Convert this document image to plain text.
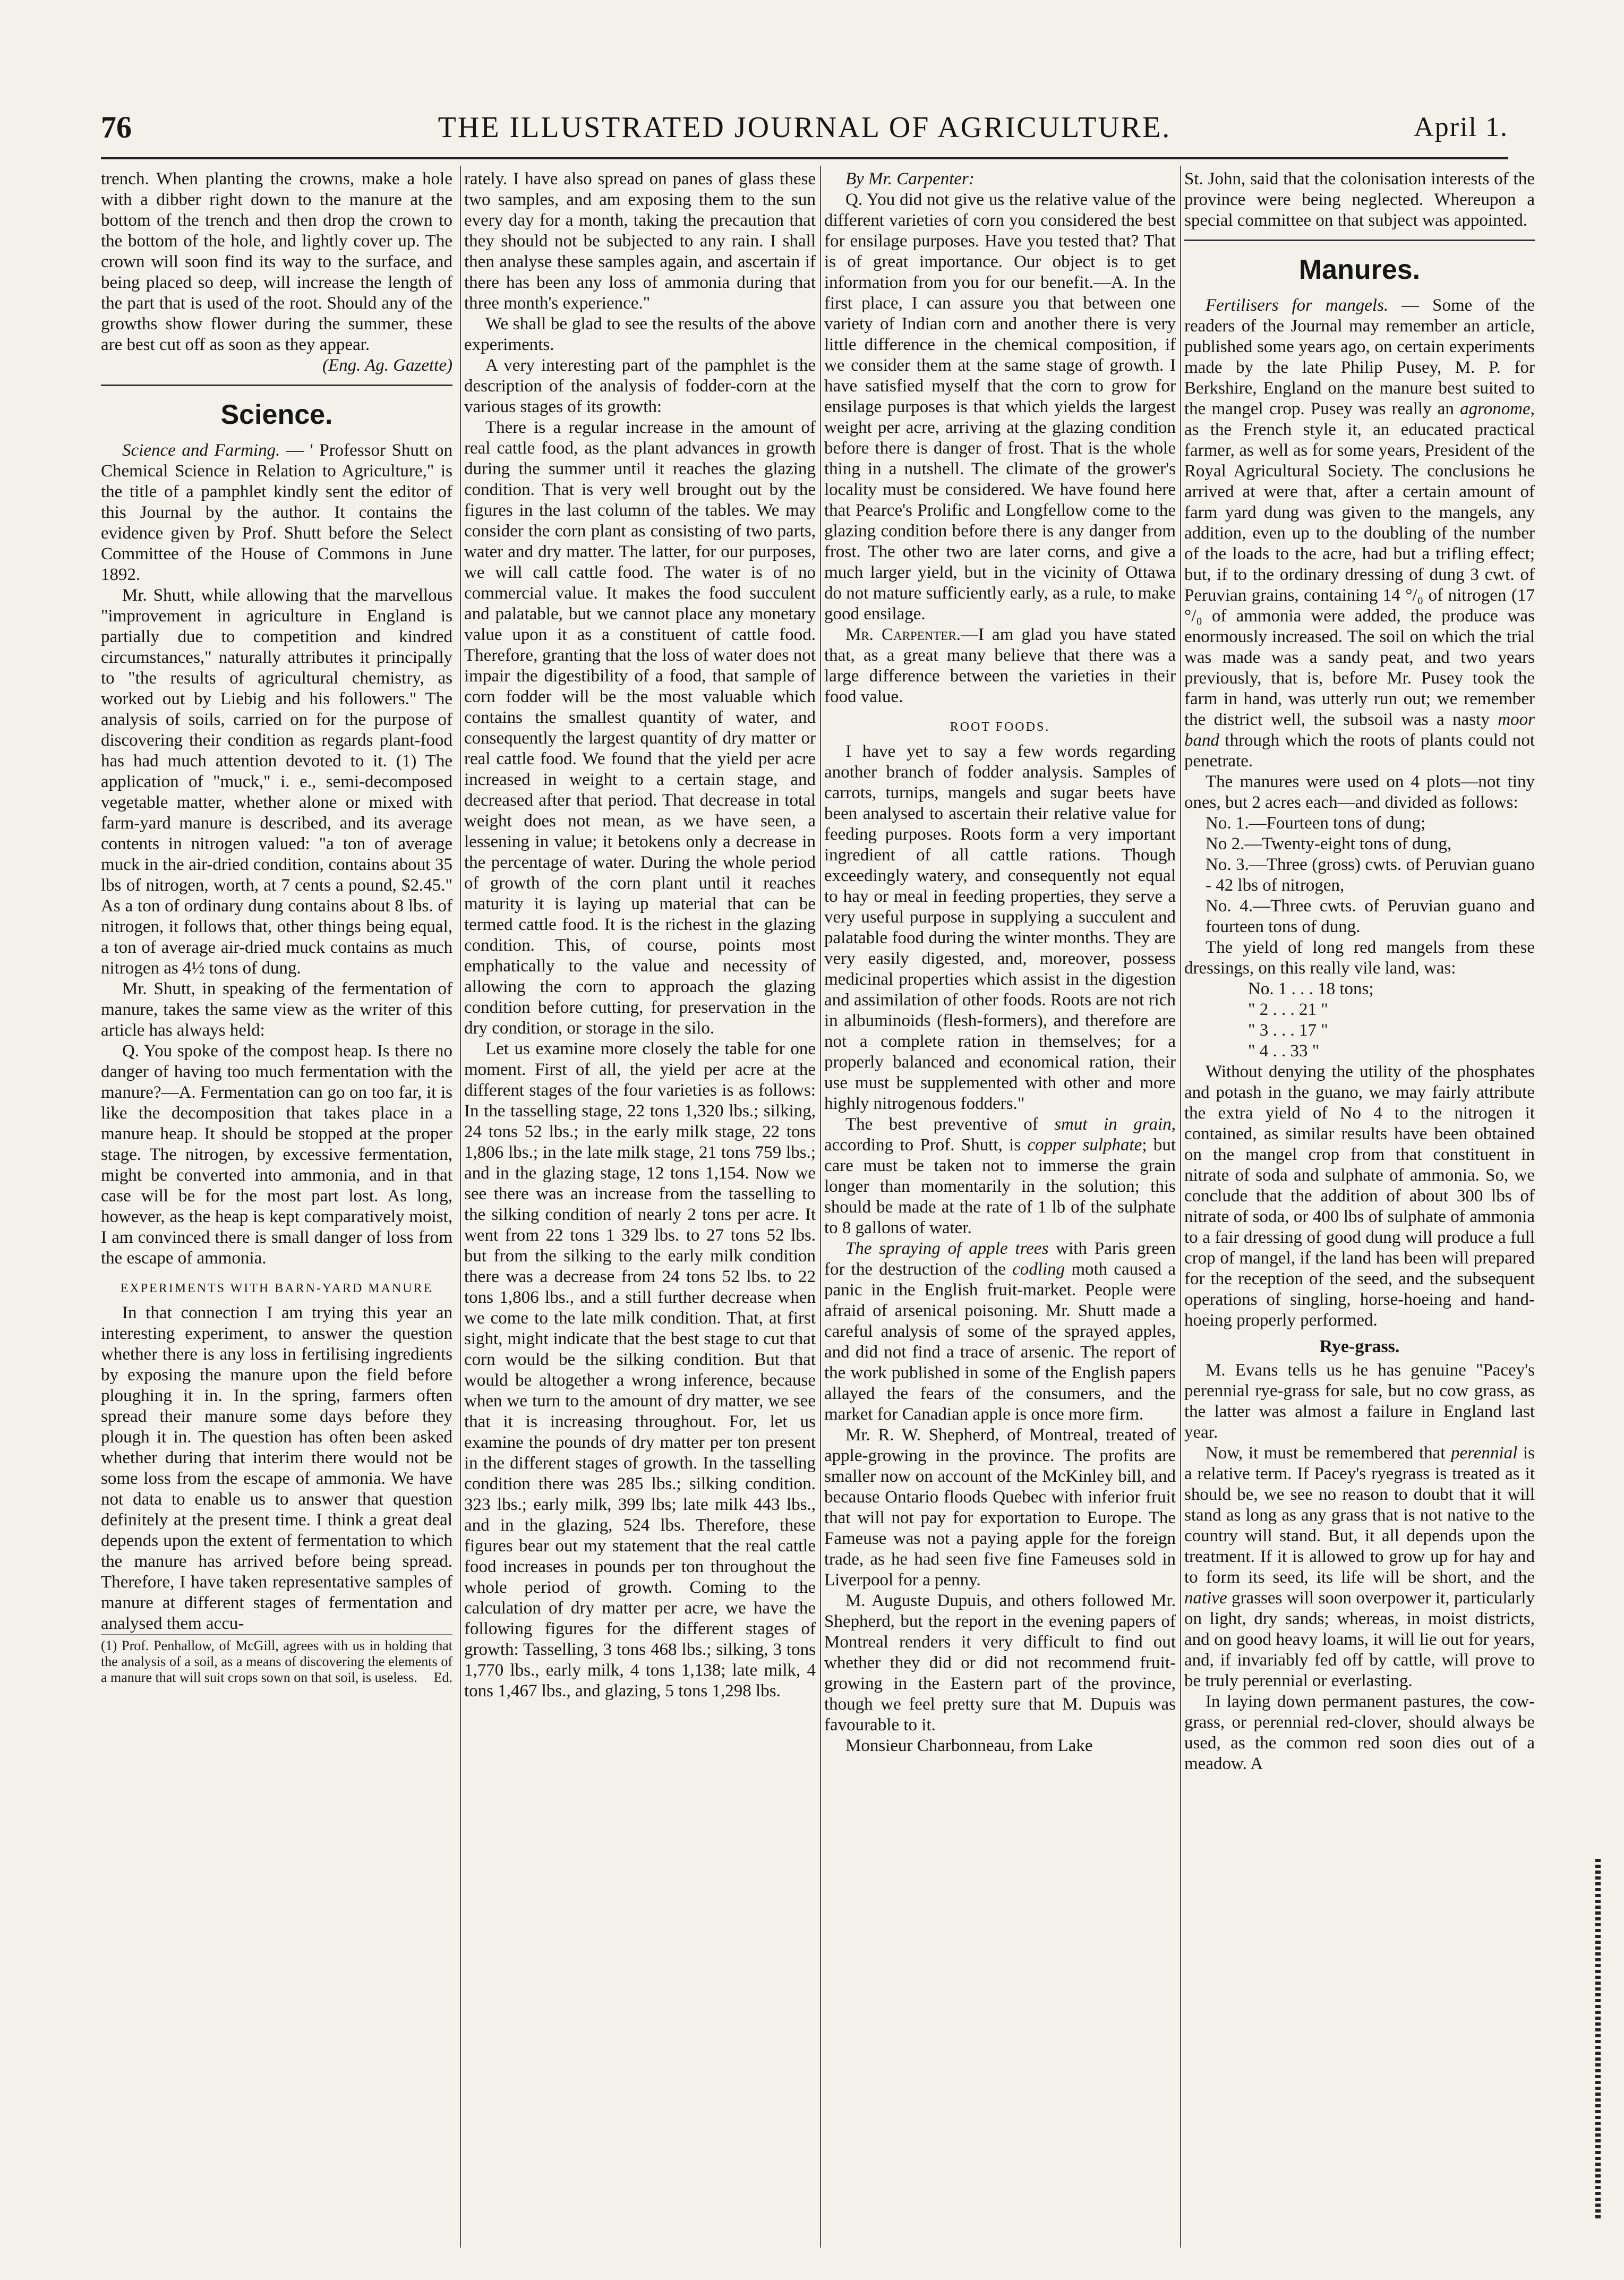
76	THE ILLUSTRATED JOURNAL OF AGRICULTURE.	April 1.

trench. When planting the crowns, make a hole with a dibber right down to the manure at the bottom of the trench and then drop the crown to the bottom of the hole, and lightly cover up. The crown will soon find its way to the surface, and being placed so deep, will increase the length of the part that is used of the root. Should any of the growths show flower during the summer, these are best cut off as soon as they appear.

(Eng. Ag. Gazette)

Science.

Science and Farming. — ' Professor Shutt on Chemical Science in Relation to Agriculture," is the title of a pamphlet kindly sent the editor of this Journal by the author. It contains the evidence given by Prof. Shutt before the Select Committee of the House of Commons in June 1892.

Mr. Shutt, while allowing that the marvellous "improvement in agriculture in England is partially due to competition and kindred circumstances," naturally attributes it principally to "the results of agricultural chemistry, as worked out by Liebig and his followers." The analysis of soils, carried on for the purpose of discovering their condition as regards plant-food has had much attention devoted to it. (1) The application of "muck," i. e., semi-decomposed vegetable matter, whether alone or mixed with farm-yard manure is described, and its average contents in nitrogen valued: "a ton of average muck in the air-dried condition, contains about 35 lbs of nitrogen, worth, at 7 cents a pound, $2.45." As a ton of ordinary dung contains about 8 lbs. of nitrogen, it follows that, other things being equal, a ton of average air-dried muck contains as much nitrogen as 4½ tons of dung.

Mr. Shutt, in speaking of the fermentation of manure, takes the same view as the writer of this article has always held:

Q. You spoke of the compost heap. Is there no danger of having too much fermentation with the manure?—A. Fermentation can go on too far, it is like the decomposition that takes place in a manure heap. It should be stopped at the proper stage. The nitrogen, by excessive fermentation, might be converted into ammonia, and in that case will be for the most part lost. As long, however, as the heap is kept comparatively moist, I am convinced there is small danger of loss from the escape of ammonia.

EXPERIMENTS WITH BARN-YARD MANURE

In that connection I am trying this year an interesting experiment, to answer the question whether there is any loss in fertilising ingredients by exposing the manure upon the field before ploughing it in. In the spring, farmers often spread their manure some days before they plough it in. The question has often been asked whether during that interim there would not be some loss from the escape of ammonia. We have not data to enable us to answer that question definitely at the present time. I think a great deal depends upon the extent of fermentation to which the manure has arrived before being spread. Therefore, I have taken representative samples of manure at different stages of fermentation and analysed them accu-

(1) Prof. Penhallow, of McGill, agrees with us in holding that the analysis of a soil, as a means of discovering the elements of a manure that will suit crops sown on that soil, is useless. Ed.

rately. I have also spread on panes of glass these two samples, and am exposing them to the sun every day for a month, taking the precaution that they should not be subjected to any rain. I shall then analyse these samples again, and ascertain if there has been any loss of ammonia during that three month's experience."

We shall be glad to see the results of the above experiments.

A very interesting part of the pamphlet is the description of the analysis of fodder-corn at the various stages of its growth:

There is a regular increase in the amount of real cattle food, as the plant advances in growth during the summer until it reaches the glazing condition. That is very well brought out by the figures in the last column of the tables. We may consider the corn plant as consisting of two parts, water and dry matter. The latter, for our purposes, we will call cattle food. The water is of no commercial value. It makes the food succulent and palatable, but we cannot place any monetary value upon it as a constituent of cattle food. Therefore, granting that the loss of water does not impair the digestibility of a food, that sample of corn fodder will be the most valuable which contains the smallest quantity of water, and consequently the largest quantity of dry matter or real cattle food. We found that the yield per acre increased in weight to a certain stage, and decreased after that period. That decrease in total weight does not mean, as we have seen, a lessening in value; it betokens only a decrease in the percentage of water. During the whole period of growth of the corn plant until it reaches maturity it is laying up material that can be termed cattle food. It is the richest in the glazing condition. This, of course, points most emphatically to the value and necessity of allowing the corn to approach the glazing condition before cutting, for preservation in the dry condition, or storage in the silo.

Let us examine more closely the table for one moment. First of all, the yield per acre at the different stages of the four varieties is as follows: In the tasselling stage, 22 tons 1,320 lbs.; silking, 24 tons 52 lbs.; in the early milk stage, 22 tons 1,806 lbs.; in the late milk stage, 21 tons 759 lbs.; and in the glazing stage, 12 tons 1,154. Now we see there was an increase from the tasselling to the silking condition of nearly 2 tons per acre. It went from 22 tons 1 329 lbs. to 27 tons 52 lbs. but from the silking to the early milk condition there was a decrease from 24 tons 52 lbs. to 22 tons 1,806 lbs., and a still further decrease when we come to the late milk condition. That, at first sight, might indicate that the best stage to cut that corn would be the silking condition. But that would be altogether a wrong inference, because when we turn to the amount of dry matter, we see that it is increasing throughout. For, let us examine the pounds of dry matter per ton present in the different stages of growth. In the tasselling condition there was 285 lbs.; silking condition. 323 lbs.; early milk, 399 lbs; late milk 443 lbs., and in the glazing, 524 lbs. Therefore, these figures bear out my statement that the real cattle food increases in pounds per ton throughout the whole period of growth. Coming to the calculation of dry matter per acre, we have the following figures for the different stages of growth: Tasselling, 3 tons 468 lbs.; silking, 3 tons 1,770 lbs., early milk, 4 tons 1,138; late milk, 4 tons 1,467 lbs., and glazing, 5 tons 1,298 lbs.

By Mr. Carpenter:

Q. You did not give us the relative value of the different varieties of corn you considered the best for ensilage purposes. Have you tested that? That is of great importance. Our object is to get information from you for our benefit.—A. In the first place, I can assure you that between one variety of Indian corn and another there is very little difference in the chemical composition, if we consider them at the same stage of growth. I have satisfied myself that the corn to grow for ensilage purposes is that which yields the largest weight per acre, arriving at the glazing condition before there is danger of frost. That is the whole thing in a nutshell. The climate of the grower's locality must be considered. We have found here that Pearce's Prolific and Longfellow come to the glazing condition before there is any danger from frost. The other two are later corns, and give a much larger yield, but in the vicinity of Ottawa do not mature sufficiently early, as a rule, to make good ensilage.

Mr. Carpenter.—I am glad you have stated that, as a great many believe that there was a large difference between the varieties in their food value.

ROOT FOODS.

I have yet to say a few words regarding another branch of fodder analysis. Samples of carrots, turnips, mangels and sugar beets have been analysed to ascertain their relative value for feeding purposes. Roots form a very important ingredient of all cattle rations. Though exceedingly watery, and consequently not equal to hay or meal in feeding properties, they serve a very useful purpose in supplying a succulent and palatable food during the winter months. They are very easily digested, and, moreover, possess medicinal properties which assist in the digestion and assimilation of other foods. Roots are not rich in albuminoids (flesh-formers), and therefore are not a complete ration in themselves; for a properly balanced and economical ration, their use must be supplemented with other and more highly nitrogenous fodders."

The best preventive of smut in grain, according to Prof. Shutt, is copper sulphate; but care must be taken not to immerse the grain longer than momentarily in the solution; this should be made at the rate of 1 lb of the sulphate to 8 gallons of water.

The spraying of apple trees with Paris green for the destruction of the codling moth caused a panic in the English fruit-market. People were afraid of arsenical poisoning. Mr. Shutt made a careful analysis of some of the sprayed apples, and did not find a trace of arsenic. The report of the work published in some of the English papers allayed the fears of the consumers, and the market for Canadian apple is once more firm.

Mr. R. W. Shepherd, of Montreal, treated of apple-growing in the province. The profits are smaller now on account of the McKinley bill, and because Ontario floods Quebec with inferior fruit that will not pay for exportation to Europe. The Fameuse was not a paying apple for the foreign trade, as he had seen five fine Fameuses sold in Liverpool for a penny.

M. Auguste Dupuis, and others followed Mr. Shepherd, but the report in the evening papers of Montreal renders it very difficult to find out whether they did or did not recommend fruit-growing in the Eastern part of the province, though we feel pretty sure that M. Dupuis was favourable to it.

Monsieur Charbonneau, from Lake

St. John, said that the colonisation interests of the province were being neglected. Whereupon a special committee on that subject was appointed.

Manures.

Fertilisers for mangels. — Some of the readers of the Journal may remember an article, published some years ago, on certain experiments made by the late Philip Pusey, M. P. for Berkshire, England on the manure best suited to the mangel crop. Pusey was really an agronome, as the French style it, an educated practical farmer, as well as for some years, President of the Royal Agricultural Society. The conclusions he arrived at were that, after a certain amount of farm yard dung was given to the mangels, any addition, even up to the doubling of the number of the loads to the acre, had but a trifling effect; but, if to the ordinary dressing of dung 3 cwt. of Peruvian grains, containing 14 °/₀ of nitrogen (17 °/₀ of ammonia were added, the produce was enormously increased. The soil on which the trial was made was a sandy peat, and two years previously, that is, before Mr. Pusey took the farm in hand, was utterly run out; we remember the district well, the subsoil was a nasty moor band through which the roots of plants could not penetrate.

The manures were used on 4 plots—not tiny ones, but 2 acres each—and divided as follows:

No. 1.—Fourteen tons of dung;

No 2.—Twenty-eight tons of dung,

No. 3.—Three (gross) cwts. of Peruvian guano - 42 lbs of nitrogen,

No. 4.—Three cwts. of Peruvian guano and fourteen tons of dung.

The yield of long red mangels from these dressings, on this really vile land, was:

No. 1 . . . 18 tons;

" 2 . . . 21 "

" 3 . . . 17 "

" 4 . . 33 "

Without denying the utility of the phosphates and potash in the guano, we may fairly attribute the extra yield of No 4 to the nitrogen it contained, as similar results have been obtained on the mangel crop from that constituent in nitrate of soda and sulphate of ammonia. So, we conclude that the addition of about 300 lbs of nitrate of soda, or 400 lbs of sulphate of ammonia to a fair dressing of good dung will produce a full crop of mangel, if the land has been will prepared for the reception of the seed, and the subsequent operations of singling, horse-hoeing and hand-hoeing properly performed.

Rye-grass.

M. Evans tells us he has genuine "Pacey's perennial rye-grass for sale, but no cow grass, as the latter was almost a failure in England last year.

Now, it must be remembered that perennial is a relative term. If Pacey's ryegrass is treated as it should be, we see no reason to doubt that it will stand as long as any grass that is not native to the country will stand. But, it all depends upon the treatment. If it is allowed to grow up for hay and to form its seed, its life will be short, and the native grasses will soon overpower it, particularly on light, dry sands; whereas, in moist districts, and on good heavy loams, it will lie out for years, and, if invariably fed off by cattle, will prove to be truly perennial or everlasting.

In laying down permanent pastures, the cow-grass, or perennial red-clover, should always be used, as the common red soon dies out of a meadow. A
